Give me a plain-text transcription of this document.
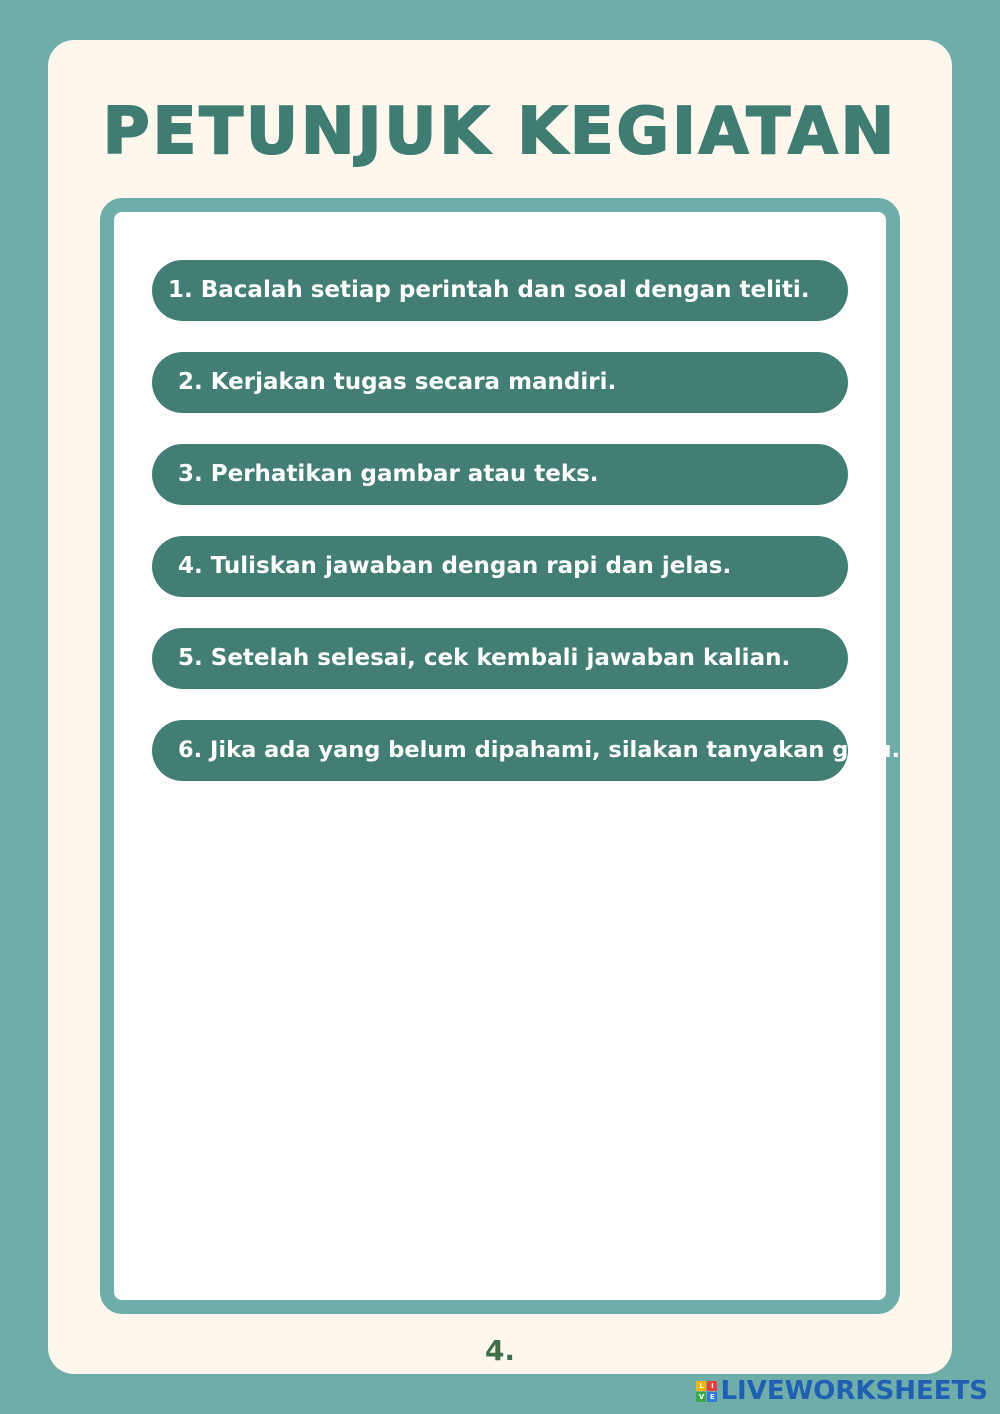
PETUNJUK KEGIATAN
1. Bacalah setiap perintah dan soal dengan teliti.
2. Kerjakan tugas secara mandiri.
3. Perhatikan gambar atau teks.
4. Tuliskan jawaban dengan rapi dan jelas.
5. Setelah selesai, cek kembali jawaban kalian.
6. Jika ada yang belum dipahami, silakan tanyakan guru.
4.
L	I
V E LIVEWORKSHEETS
